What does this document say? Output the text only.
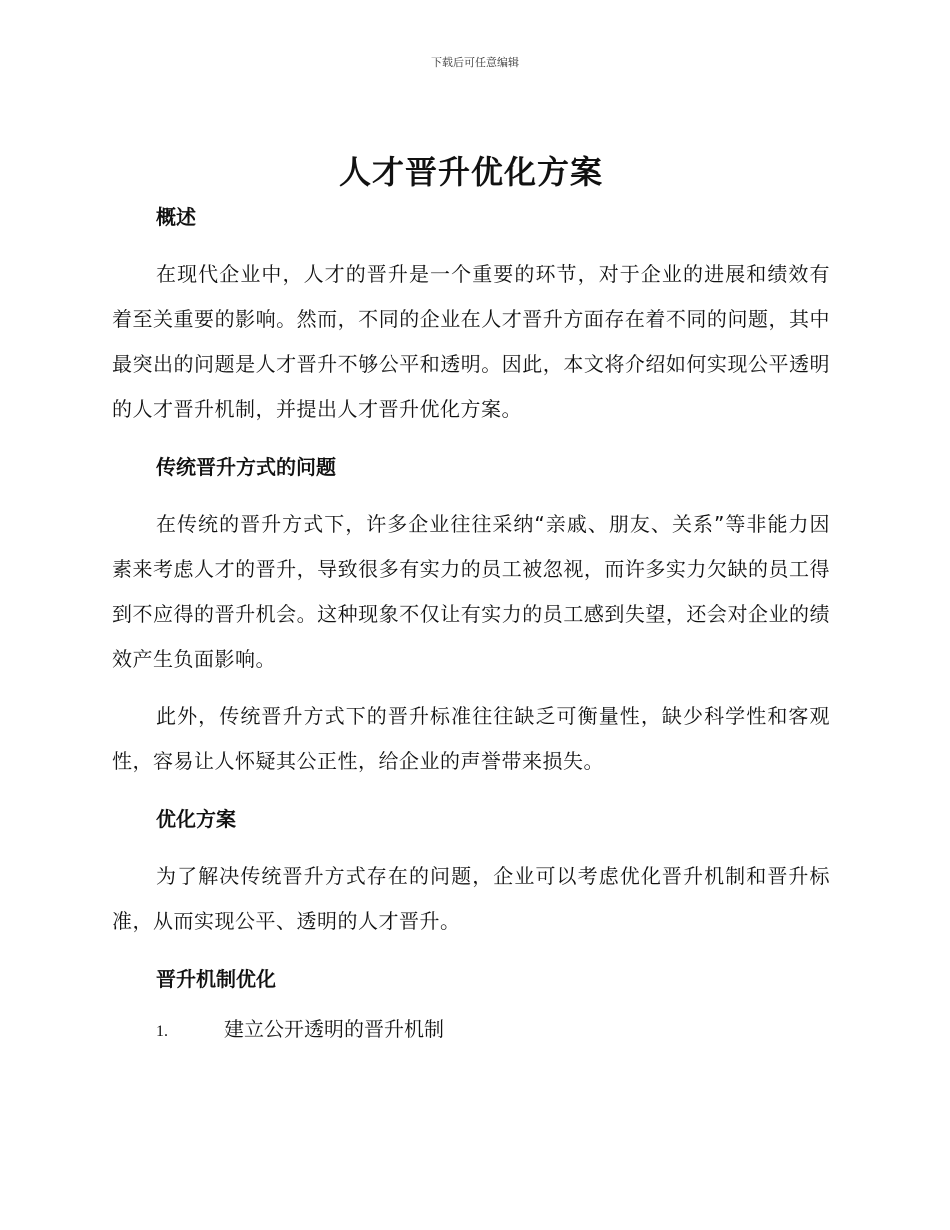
下载后可任意编辑
人才晋升优化方案
概述

在现代企业中，人才的晋升是一个重要的环节，对于企业的进展和绩效有着至关重要的影响。然而，不同的企业在人才晋升方面存在着不同的问题，其中最突出的问题是人才晋升不够公平和透明。因此，本文将介绍如何实现公平透明的人才晋升机制，并提出人才晋升优化方案。

传统晋升方式的问题

在传统的晋升方式下，许多企业往往采纳“亲戚、朋友、关系”等非能力因素来考虑人才的晋升，导致很多有实力的员工被忽视，而许多实力欠缺的员工得到不应得的晋升机会。这种现象不仅让有实力的员工感到失望，还会对企业的绩效产生负面影响。

此外，传统晋升方式下的晋升标准往往缺乏可衡量性，缺少科学性和客观性，容易让人怀疑其公正性，给企业的声誉带来损失。

优化方案

为了解决传统晋升方式存在的问题，企业可以考虑优化晋升机制和晋升标准，从而实现公平、透明的人才晋升。

晋升机制优化
1.	建立公开透明的晋升机制
